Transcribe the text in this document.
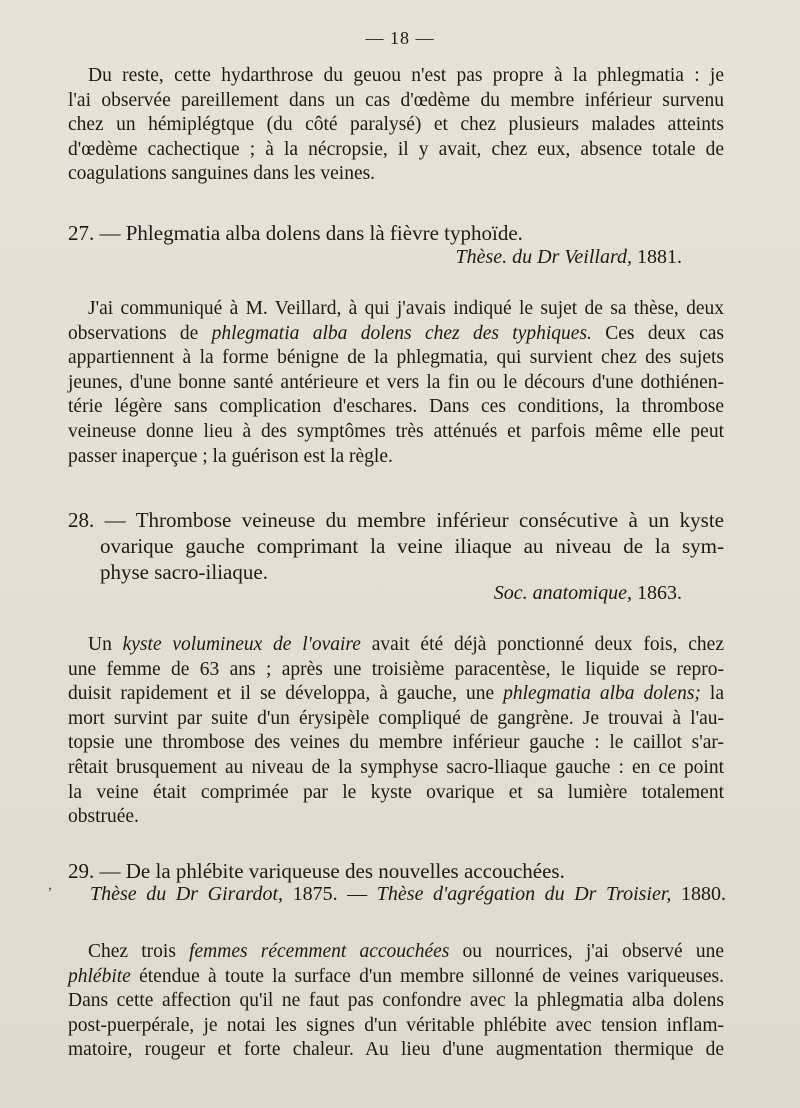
— 18 —
Du reste, cette hydarthrose du geuou n'est pas propre à la phlegmatia : je
l'ai observée pareillement dans un cas d'œdème du membre inférieur survenu
chez un hémiplégtque (du côté paralysé) et chez plusieurs malades atteints
d'œdème cachectique ; à la nécropsie, il y avait, chez eux, absence totale de
coagulations sanguines dans les veines.
27. — Phlegmatia alba dolens dans là fièvre typhoïde.
Thèse. du Dr Veillard, 1881.
J'ai communiqué à M. Veillard, à qui j'avais indiqué le sujet de sa thèse, deux
observations de phlegmatia alba dolens chez des typhiques. Ces deux cas
appartiennent à la forme bénigne de la phlegmatia, qui survient chez des sujets
jeunes, d'une bonne santé antérieure et vers la fin ou le décours d'une dothiénen-
térie légère sans complication d'eschares. Dans ces conditions, la thrombose
veineuse donne lieu à des symptômes très atténués et parfois même elle peut
passer inaperçue ; la guérison est la règle.
28. — Thrombose veineuse du membre inférieur consécutive à un kyste
ovarique gauche comprimant la veine iliaque au niveau de la sym-
physe sacro-iliaque.
Soc. anatomique, 1863.
Un kyste volumineux de l'ovaire avait été déjà ponctionné deux fois, chez
une femme de 63 ans ; après une troisième paracentèse, le liquide se repro-
duisit rapidement et il se développa, à gauche, une phlegmatia alba dolens; la
mort survint par suite d'un érysipèle compliqué de gangrène. Je trouvai à l'au-
topsie une thrombose des veines du membre inférieur gauche : le caillot s'ar-
rêtait brusquement au niveau de la symphyse sacro-lliaque gauche : en ce point
la veine était comprimée par le kyste ovarique et sa lumière totalement
obstruée.
,
29. — De la phlébite variqueuse des nouvelles accouchées.
Thèse du Dr Girardot, 1875. — Thèse d'agrégation du Dr Troisier, 1880.
Chez trois femmes récemment accouchées ou nourrices, j'ai observé une
phlébite étendue à toute la surface d'un membre sillonné de veines variqueuses.
Dans cette affection qu'il ne faut pas confondre avec la phlegmatia alba dolens
post-puerpérale, je notai les signes d'un véritable phlébite avec tension inflam-
matoire, rougeur et forte chaleur. Au lieu d'une augmentation thermique de
